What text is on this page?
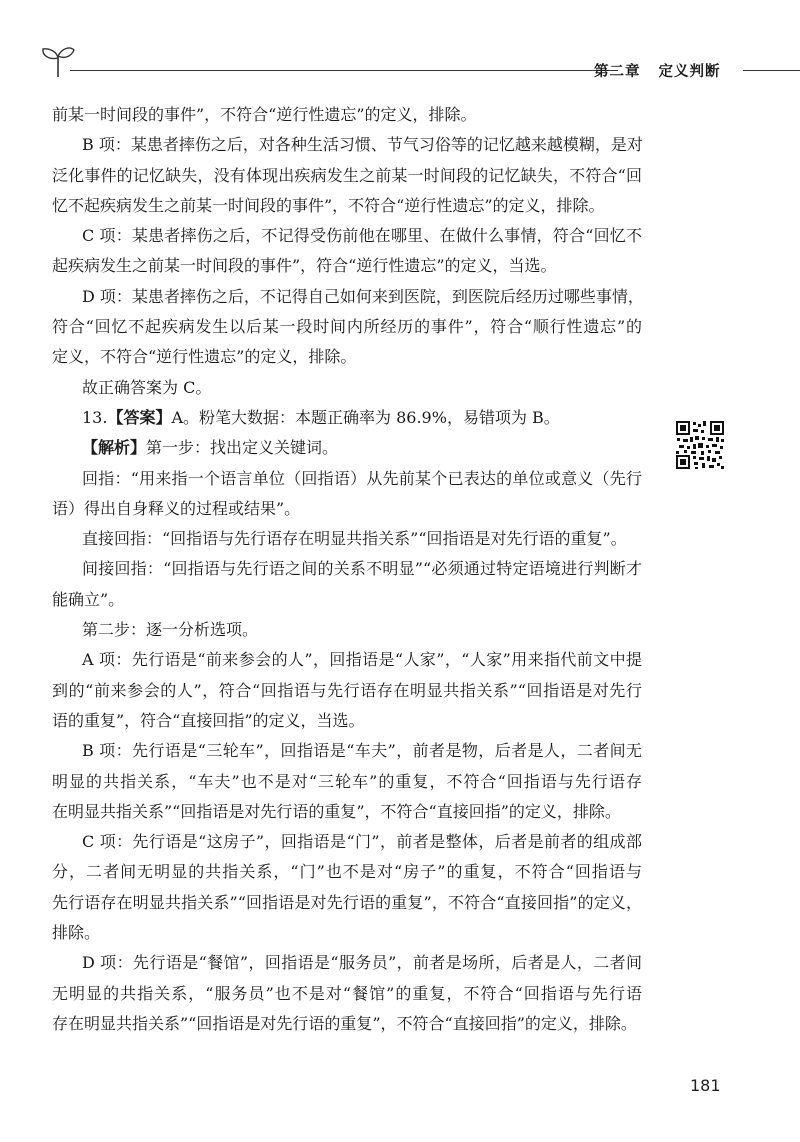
第二章 定义判断
前某一时间段的事件”，不符合“逆行性遗忘”的定义，排除。
B 项：某患者摔伤之后，对各种生活习惯、节气习俗等的记忆越来越模糊，是对
泛化事件的记忆缺失，没有体现出疾病发生之前某一时间段的记忆缺失，不符合“回
忆不起疾病发生之前某一时间段的事件”，不符合“逆行性遗忘”的定义，排除。
C 项：某患者摔伤之后，不记得受伤前他在哪里、在做什么事情，符合“回忆不
起疾病发生之前某一时间段的事件”，符合“逆行性遗忘”的定义，当选。
D 项：某患者摔伤之后，不记得自己如何来到医院，到医院后经历过哪些事情，
符合“回忆不起疾病发生以后某一段时间内所经历的事件”，符合“顺行性遗忘”的
定义，不符合“逆行性遗忘”的定义，排除。
故正确答案为 C。
13.【答案】A。粉笔大数据：本题正确率为 86.9%，易错项为 B。
【解析】第一步：找出定义关键词。
回指：“用来指一个语言单位（回指语）从先前某个已表达的单位或意义（先行
语）得出自身释义的过程或结果”。
直接回指：“回指语与先行语存在明显共指关系”“回指语是对先行语的重复”。
间接回指：“回指语与先行语之间的关系不明显”“必须通过特定语境进行判断才
能确立”。
第二步：逐一分析选项。
A 项：先行语是“前来参会的人”，回指语是“人家”，“人家”用来指代前文中提
到的“前来参会的人”，符合“回指语与先行语存在明显共指关系”“回指语是对先行
语的重复”，符合“直接回指”的定义，当选。
B 项：先行语是“三轮车”，回指语是“车夫”，前者是物，后者是人，二者间无
明显的共指关系，“车夫”也不是对“三轮车”的重复，不符合“回指语与先行语存
在明显共指关系”“回指语是对先行语的重复”，不符合“直接回指”的定义，排除。
C 项：先行语是“这房子”，回指语是“门”，前者是整体，后者是前者的组成部
分，二者间无明显的共指关系，“门”也不是对“房子”的重复，不符合“回指语与
先行语存在明显共指关系”“回指语是对先行语的重复”，不符合“直接回指”的定义，
排除。
D 项：先行语是“餐馆”，回指语是“服务员”，前者是场所，后者是人，二者间
无明显的共指关系，“服务员”也不是对“餐馆”的重复，不符合“回指语与先行语
存在明显共指关系”“回指语是对先行语的重复”，不符合“直接回指”的定义，排除。
181
